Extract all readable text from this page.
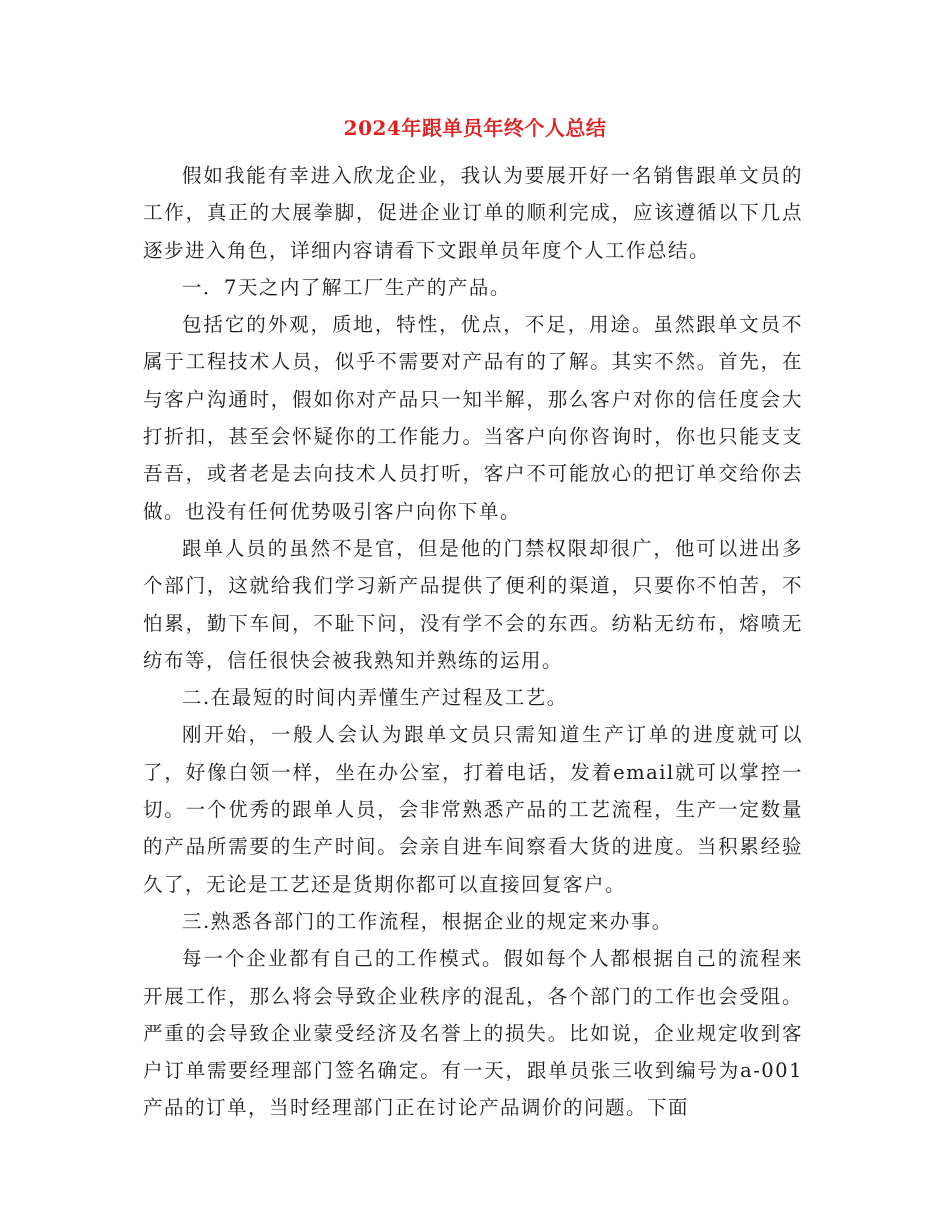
2024年跟单员年终个人总结

假如我能有幸进入欣龙企业，我认为要展开好一名销售跟单文员的工作，真正的大展拳脚，促进企业订单的顺利完成，应该遵循以下几点逐步进入角色，详细内容请看下文跟单员年度个人工作总结。

一．7天之内了解工厂生产的产品。

包括它的外观，质地，特性，优点，不足，用途。虽然跟单文员不属于工程技术人员，似乎不需要对产品有的了解。其实不然。首先，在与客户沟通时，假如你对产品只一知半解，那么客户对你的信任度会大打折扣，甚至会怀疑你的工作能力。当客户向你咨询时，你也只能支支吾吾，或者老是去向技术人员打听，客户不可能放心的把订单交给你去做。也没有任何优势吸引客户向你下单。

跟单人员的虽然不是官，但是他的门禁权限却很广，他可以进出多个部门，这就给我们学习新产品提供了便利的渠道，只要你不怕苦，不怕累，勤下车间，不耻下问，没有学不会的东西。纺粘无纺布，熔喷无纺布等，信任很快会被我熟知并熟练的运用。

二.在最短的时间内弄懂生产过程及工艺。

刚开始，一般人会认为跟单文员只需知道生产订单的进度就可以了，好像白领一样，坐在办公室，打着电话，发着email就可以掌控一切。一个优秀的跟单人员，会非常熟悉产品的工艺流程，生产一定数量的产品所需要的生产时间。会亲自进车间察看大货的进度。当积累经验久了，无论是工艺还是货期你都可以直接回复客户。

三.熟悉各部门的工作流程，根据企业的规定来办事。

每一个企业都有自己的工作模式。假如每个人都根据自己的流程来开展工作，那么将会导致企业秩序的混乱，各个部门的工作也会受阻。严重的会导致企业蒙受经济及名誉上的损失。比如说，企业规定收到客户订单需要经理部门签名确定。有一天，跟单员张三收到编号为a-001产品的订单，当时经理部门正在讨论产品调价的问题。下面
